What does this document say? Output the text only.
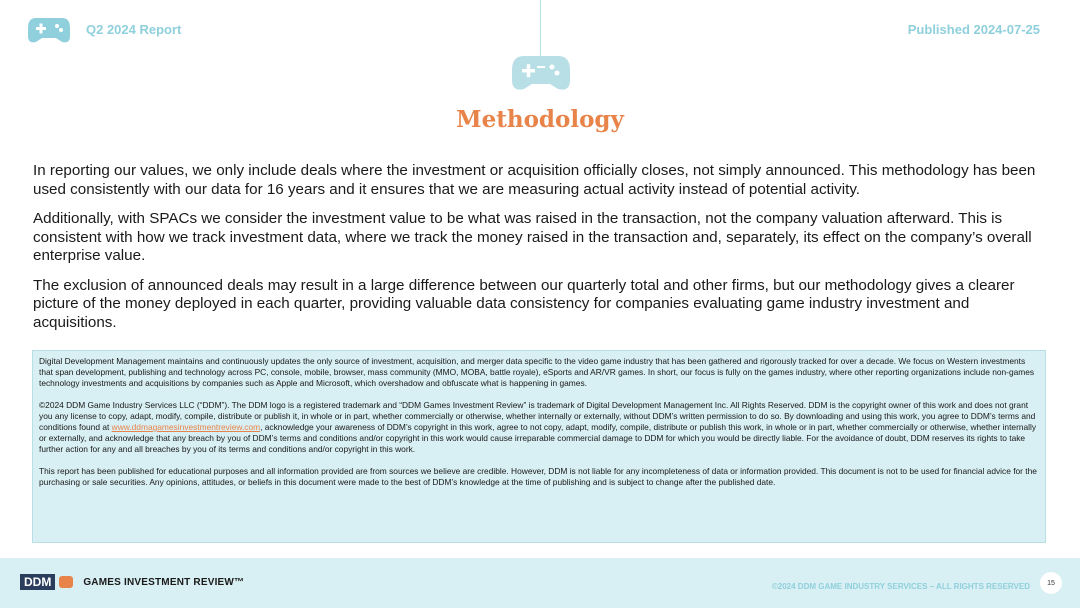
Q2 2024 Report	Published 2024-07-25
Methodology

In reporting our values, we only include deals where the investment or acquisition officially closes, not simply announced. This methodology has been used consistently with our data for 16 years and it ensures that we are measuring actual activity instead of potential activity.

Additionally, with SPACs we consider the investment value to be what was raised in the transaction, not the company valuation afterward. This is consistent with how we track investment data, where we track the money raised in the transaction and, separately, its effect on the company’s overall enterprise value.

The exclusion of announced deals may result in a large difference between our quarterly total and other firms, but our methodology gives a clearer picture of the money deployed in each quarter, providing valuable data consistency for companies evaluating game industry investment and acquisitions.

Digital Development Management maintains and continuously updates the only source of investment, acquisition, and merger data specific to the video game industry that has been gathered and rigorously tracked for over a decade. We focus on Western investments that span development, publishing and technology across PC, console, mobile, browser, mass community (MMO, MOBA, battle royale), eSports and AR/VR games. In short, our focus is fully on the games industry, where other reporting organizations include non-games technology investments and acquisitions by companies such as Apple and Microsoft, which overshadow and obfuscate what is happening in games.

©2024 DDM Game Industry Services LLC (“DDM”). The DDM logo is a registered trademark and “DDM Games Investment Review” is trademark of Digital Development Management Inc. All Rights Reserved. DDM is the copyright owner of this work and does not grant you any license to copy, adapt, modify, compile, distribute or publish it, in whole or in part, whether commercially or otherwise, whether internally or externally, without DDM’s written permission to do so. By downloading and using this work, you agree to DDM’s terms and conditions found at www.ddmagamesinvestmentreview.com, acknowledge your awareness of DDM’s copyright in this work, agree to not copy, adapt, modify, compile, distribute or publish this work, in whole or in part, whether commercially or otherwise, whether internally or externally, and acknowledge that any breach by you of DDM’s terms and conditions and/or copyright in this work would cause irreparable commercial damage to DDM for which you would be directly liable. For the avoidance of doubt, DDM reserves its rights to take further action for any and all breaches by you of its terms and conditions and/or copyright in this work.

This report has been published for educational purposes and all information provided are from sources we believe are credible. However, DDM is not liable for any incompleteness of data or information provided. This document is not to be used for financial advice for the purchasing or sale securities. Any opinions, attitudes, or beliefs in this document were made to the best of DDM’s knowledge at the time of publishing and is subject to change after the published date.

DDM	GAMES INVESTMENT REVIEW™	©2024 DDM GAME INDUSTRY SERVICES – ALL RIGHTS RESERVED	15
